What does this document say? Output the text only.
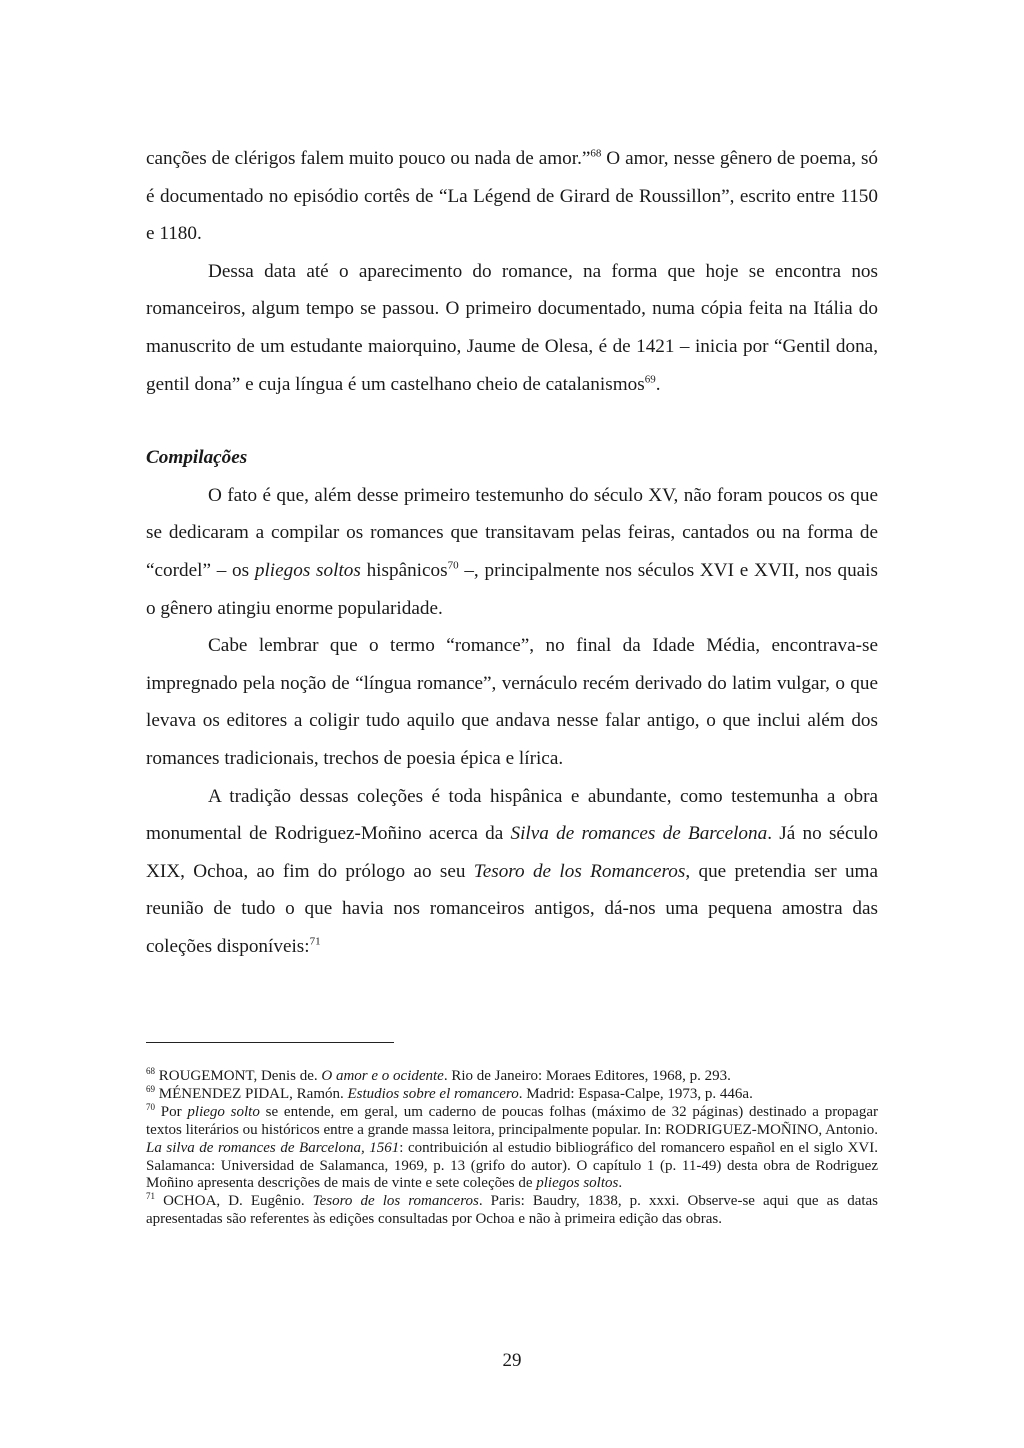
canções de clérigos falem muito pouco ou nada de amor.”$^{68}$ O amor, nesse gênero de poema, só é documentado no episódio cortês de “La Légend de Girard de Roussillon”, escrito entre 1150 e 1180.

Dessa data até o aparecimento do romance, na forma que hoje se encontra nos romanceiros, algum tempo se passou. O primeiro documentado, numa cópia feita na Itália do manuscrito de um estudante maiorquino, Jaume de Olesa, é de 1421 – inicia por “Gentil dona, gentil dona” e cuja língua é um castelhano cheio de catalanismos$^{69}$.

Compilações

O fato é que, além desse primeiro testemunho do século XV, não foram poucos os que se dedicaram a compilar os romances que transitavam pelas feiras, cantados ou na forma de “cordel” – os pliegos soltos hispânicos$^{70}$ –, principalmente nos séculos XVI e XVII, nos quais o gênero atingiu enorme popularidade.

Cabe lembrar que o termo “romance”, no final da Idade Média, encontrava-se impregnado pela noção de “língua romance”, vernáculo recém derivado do latim vulgar, o que levava os editores a coligir tudo aquilo que andava nesse falar antigo, o que inclui além dos romances tradicionais, trechos de poesia épica e lírica.

A tradição dessas coleções é toda hispânica e abundante, como testemunha a obra monumental de Rodriguez-Moñino acerca da Silva de romances de Barcelona. Já no século XIX, Ochoa, ao fim do prólogo ao seu Tesoro de los Romanceros, que pretendia ser uma reunião de tudo o que havia nos romanceiros antigos, dá-nos uma pequena amostra das coleções disponíveis:$^{71}$

$^{68}$ ROUGEMONT, Denis de. O amor e o ocidente. Rio de Janeiro: Moraes Editores, 1968, p. 293.

$^{69}$ MÉNENDEZ PIDAL, Ramón. Estudios sobre el romancero. Madrid: Espasa-Calpe, 1973, p. 446a.

$^{70}$ Por pliego solto se entende, em geral, um caderno de poucas folhas (máximo de 32 páginas) destinado a propagar textos literários ou históricos entre a grande massa leitora, principalmente popular. In: RODRIGUEZ-MOÑINO, Antonio. La silva de romances de Barcelona, 1561: contribuición al estudio bibliográfico del romancero español en el siglo XVI. Salamanca: Universidad de Salamanca, 1969, p. 13 (grifo do autor). O capítulo 1 (p. 11-49) desta obra de Rodriguez Moñino apresenta descrições de mais de vinte e sete coleções de pliegos soltos.

$^{71}$ OCHOA, D. Eugênio. Tesoro de los romanceros. Paris: Baudry, 1838, p. xxxi. Observe-se aqui que as datas apresentadas são referentes às edições consultadas por Ochoa e não à primeira edição das obras.

29
